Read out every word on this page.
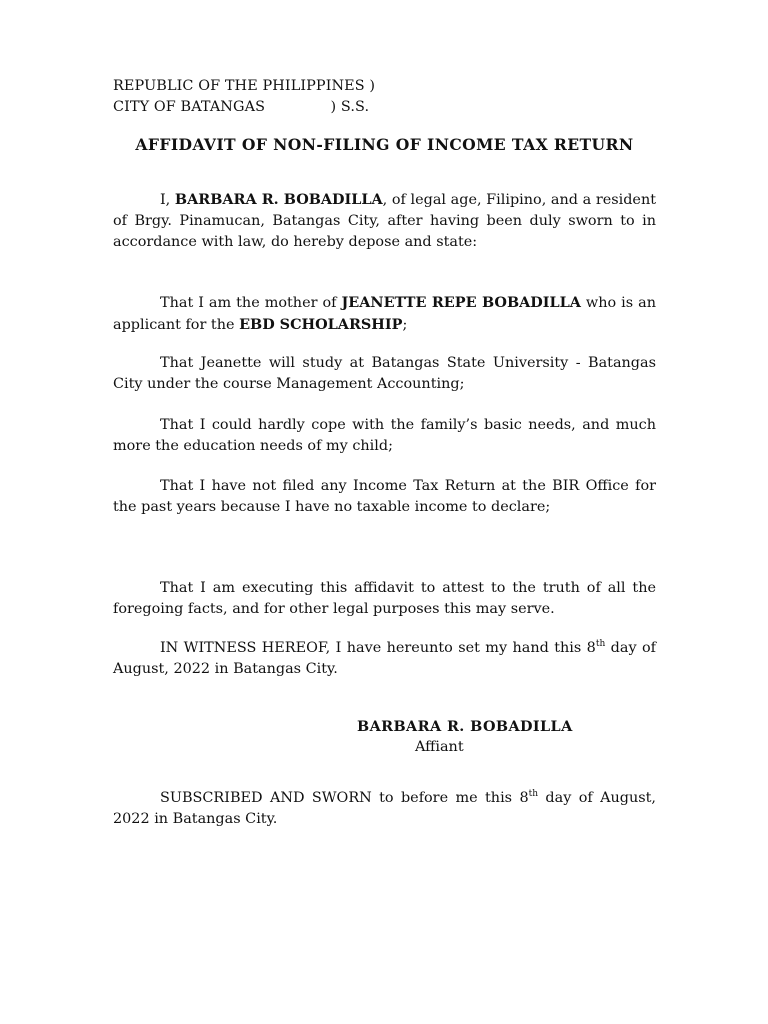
REPUBLIC OF THE PHILIPPINES )
CITY OF BATANGAS              ) S.S.
AFFIDAVIT OF NON-FILING OF INCOME TAX RETURN

I, BARBARA R. BOBADILLA, of legal age, Filipino, and a resident of Brgy. Pinamucan, Batangas City, after having been duly sworn to in accordance with law, do hereby depose and state:

That I am the mother of JEANETTE REPE BOBADILLA who is an applicant for the EBD SCHOLARSHIP;

That Jeanette will study at Batangas State University - Batangas City under the course Management Accounting;

That I could hardly cope with the family’s basic needs, and much more the education needs of my child;

That I have not filed any Income Tax Return at the BIR Office for the past years because I have no taxable income to declare;

That I am executing this affidavit to attest to the truth of all the foregoing facts, and for other legal purposes this may serve.

IN WITNESS HEREOF, I have hereunto set my hand this 8th day of August, 2022 in Batangas City.

BARBARA R. BOBADILLA
Affiant

SUBSCRIBED AND SWORN to before me this 8th day of August, 2022 in Batangas City.
